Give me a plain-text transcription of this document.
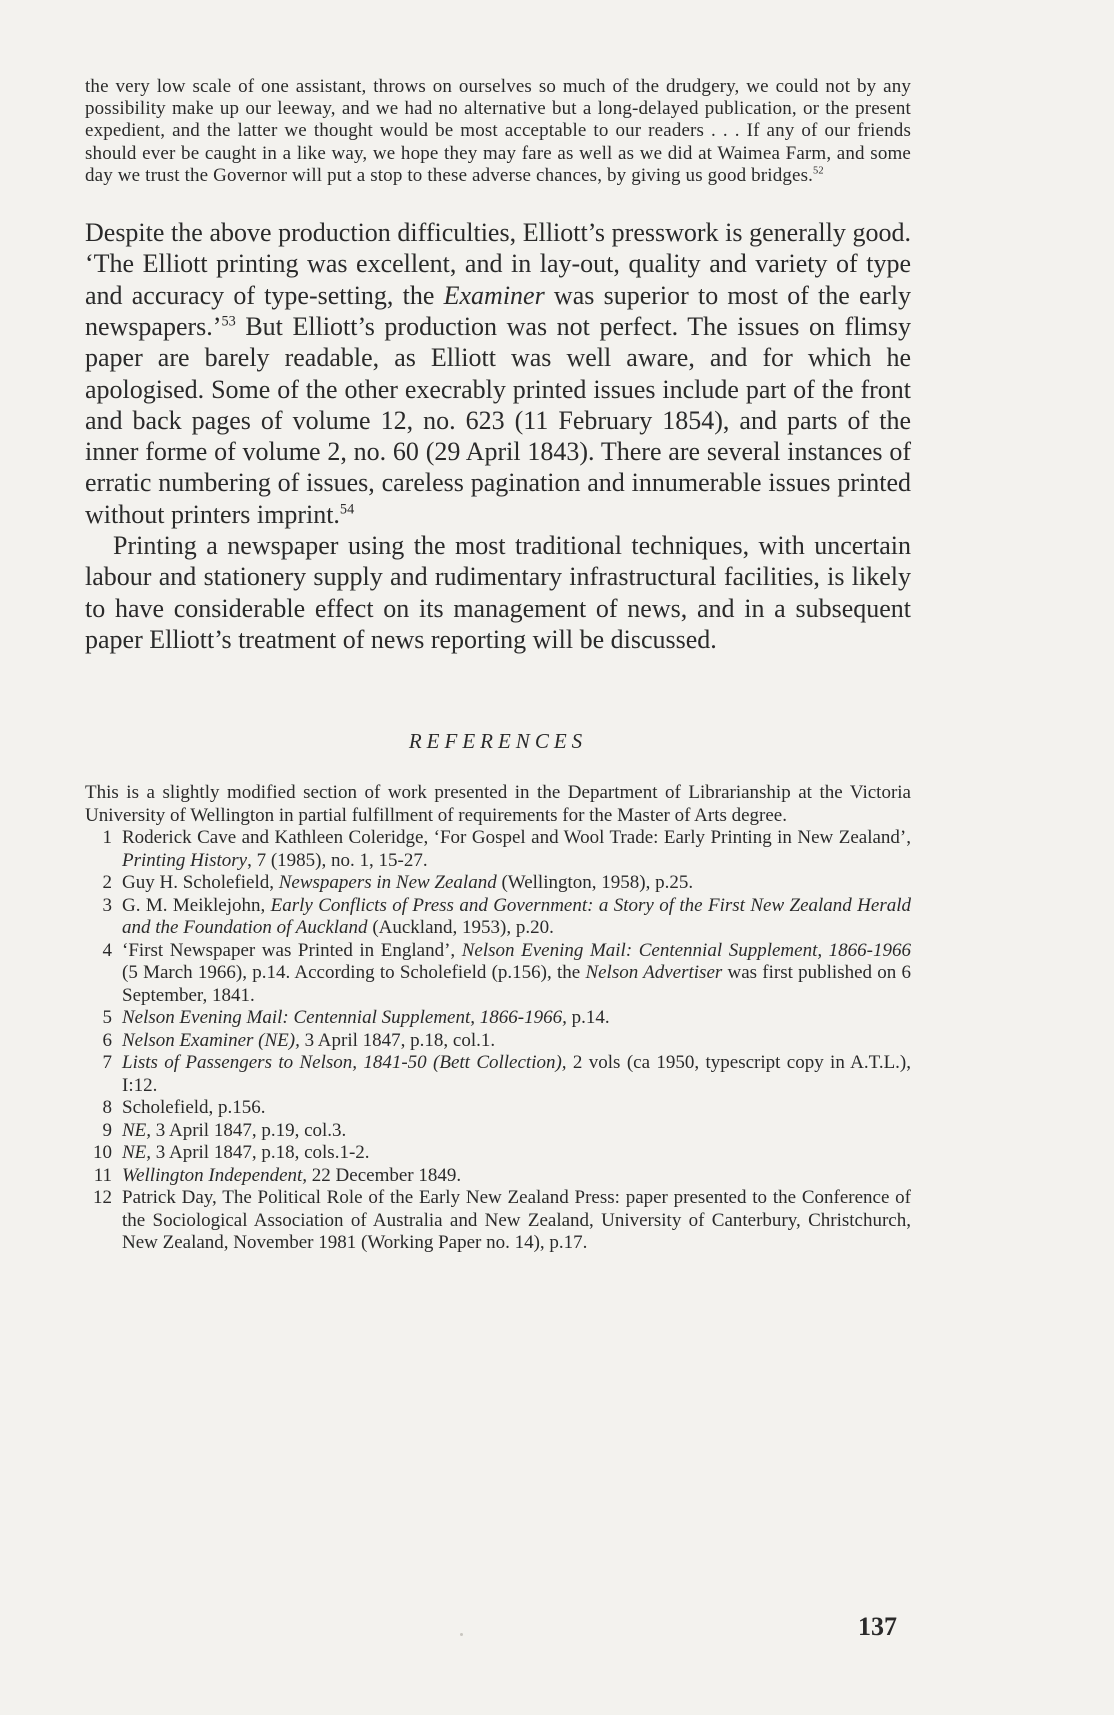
the very low scale of one assistant, throws on ourselves so much of the drudgery, we could not by any possibility make up our leeway, and we had no alternative but a long-delayed publication, or the present expedient, and the latter we thought would be most acceptable to our readers . . . If any of our friends should ever be caught in a like way, we hope they may fare as well as we did at Waimea Farm, and some day we trust the Governor will put a stop to these adverse chances, by giving us good bridges.$^{52}$

Despite the above production difficulties, Elliott’s presswork is generally good. ‘The Elliott printing was excellent, and in lay-out, quality and variety of type and accuracy of type-setting, the Examiner was superior to most of the early newspapers.’$^{53}$ But Elliott’s production was not perfect. The issues on flimsy paper are barely readable, as Elliott was well aware, and for which he apologised. Some of the other execrably printed issues include part of the front and back pages of volume 12, no. 623 (11 February 1854), and parts of the inner forme of volume 2, no. 60 (29 April 1843). There are several instances of erratic numbering of issues, careless pagination and innumerable issues printed without printers imprint.$^{54}$

Printing a newspaper using the most traditional techniques, with uncertain labour and stationery supply and rudimentary infrastructural facilities, is likely to have considerable effect on its management of news, and in a subsequent paper Elliott’s treatment of news reporting will be discussed.

REFERENCES

This is a slightly modified section of work presented in the Department of Librarianship at the Victoria University of Wellington in partial fulfillment of requirements for the Master of Arts degree.

1 Roderick Cave and Kathleen Coleridge, ‘For Gospel and Wool Trade: Early Printing in New Zealand’, Printing History, 7 (1985), no. 1, 15-27.
2 Guy H. Scholefield, Newspapers in New Zealand (Wellington, 1958), p.25.
3 G. M. Meiklejohn, Early Conflicts of Press and Government: a Story of the First New Zealand Herald and the Foundation of Auckland (Auckland, 1953), p.20.
4 ‘First Newspaper was Printed in England’, Nelson Evening Mail: Centennial Supplement, 1866-1966 (5 March 1966), p.14. According to Scholefield (p.156), the Nelson Advertiser was first published on 6 September, 1841.
5 Nelson Evening Mail: Centennial Supplement, 1866-1966, p.14.
6 Nelson Examiner (NE), 3 April 1847, p.18, col.1.
7 Lists of Passengers to Nelson, 1841-50 (Bett Collection), 2 vols (ca 1950, typescript copy in A.T.L.), I:12.
8 Scholefield, p.156.
9 NE, 3 April 1847, p.19, col.3.
10 NE, 3 April 1847, p.18, cols.1-2.
11 Wellington Independent, 22 December 1849.
12 Patrick Day, The Political Role of the Early New Zealand Press: paper presented to the Conference of the Sociological Association of Australia and New Zealand, University of Canterbury, Christchurch, New Zealand, November 1981 (Working Paper no. 14), p.17.
137
